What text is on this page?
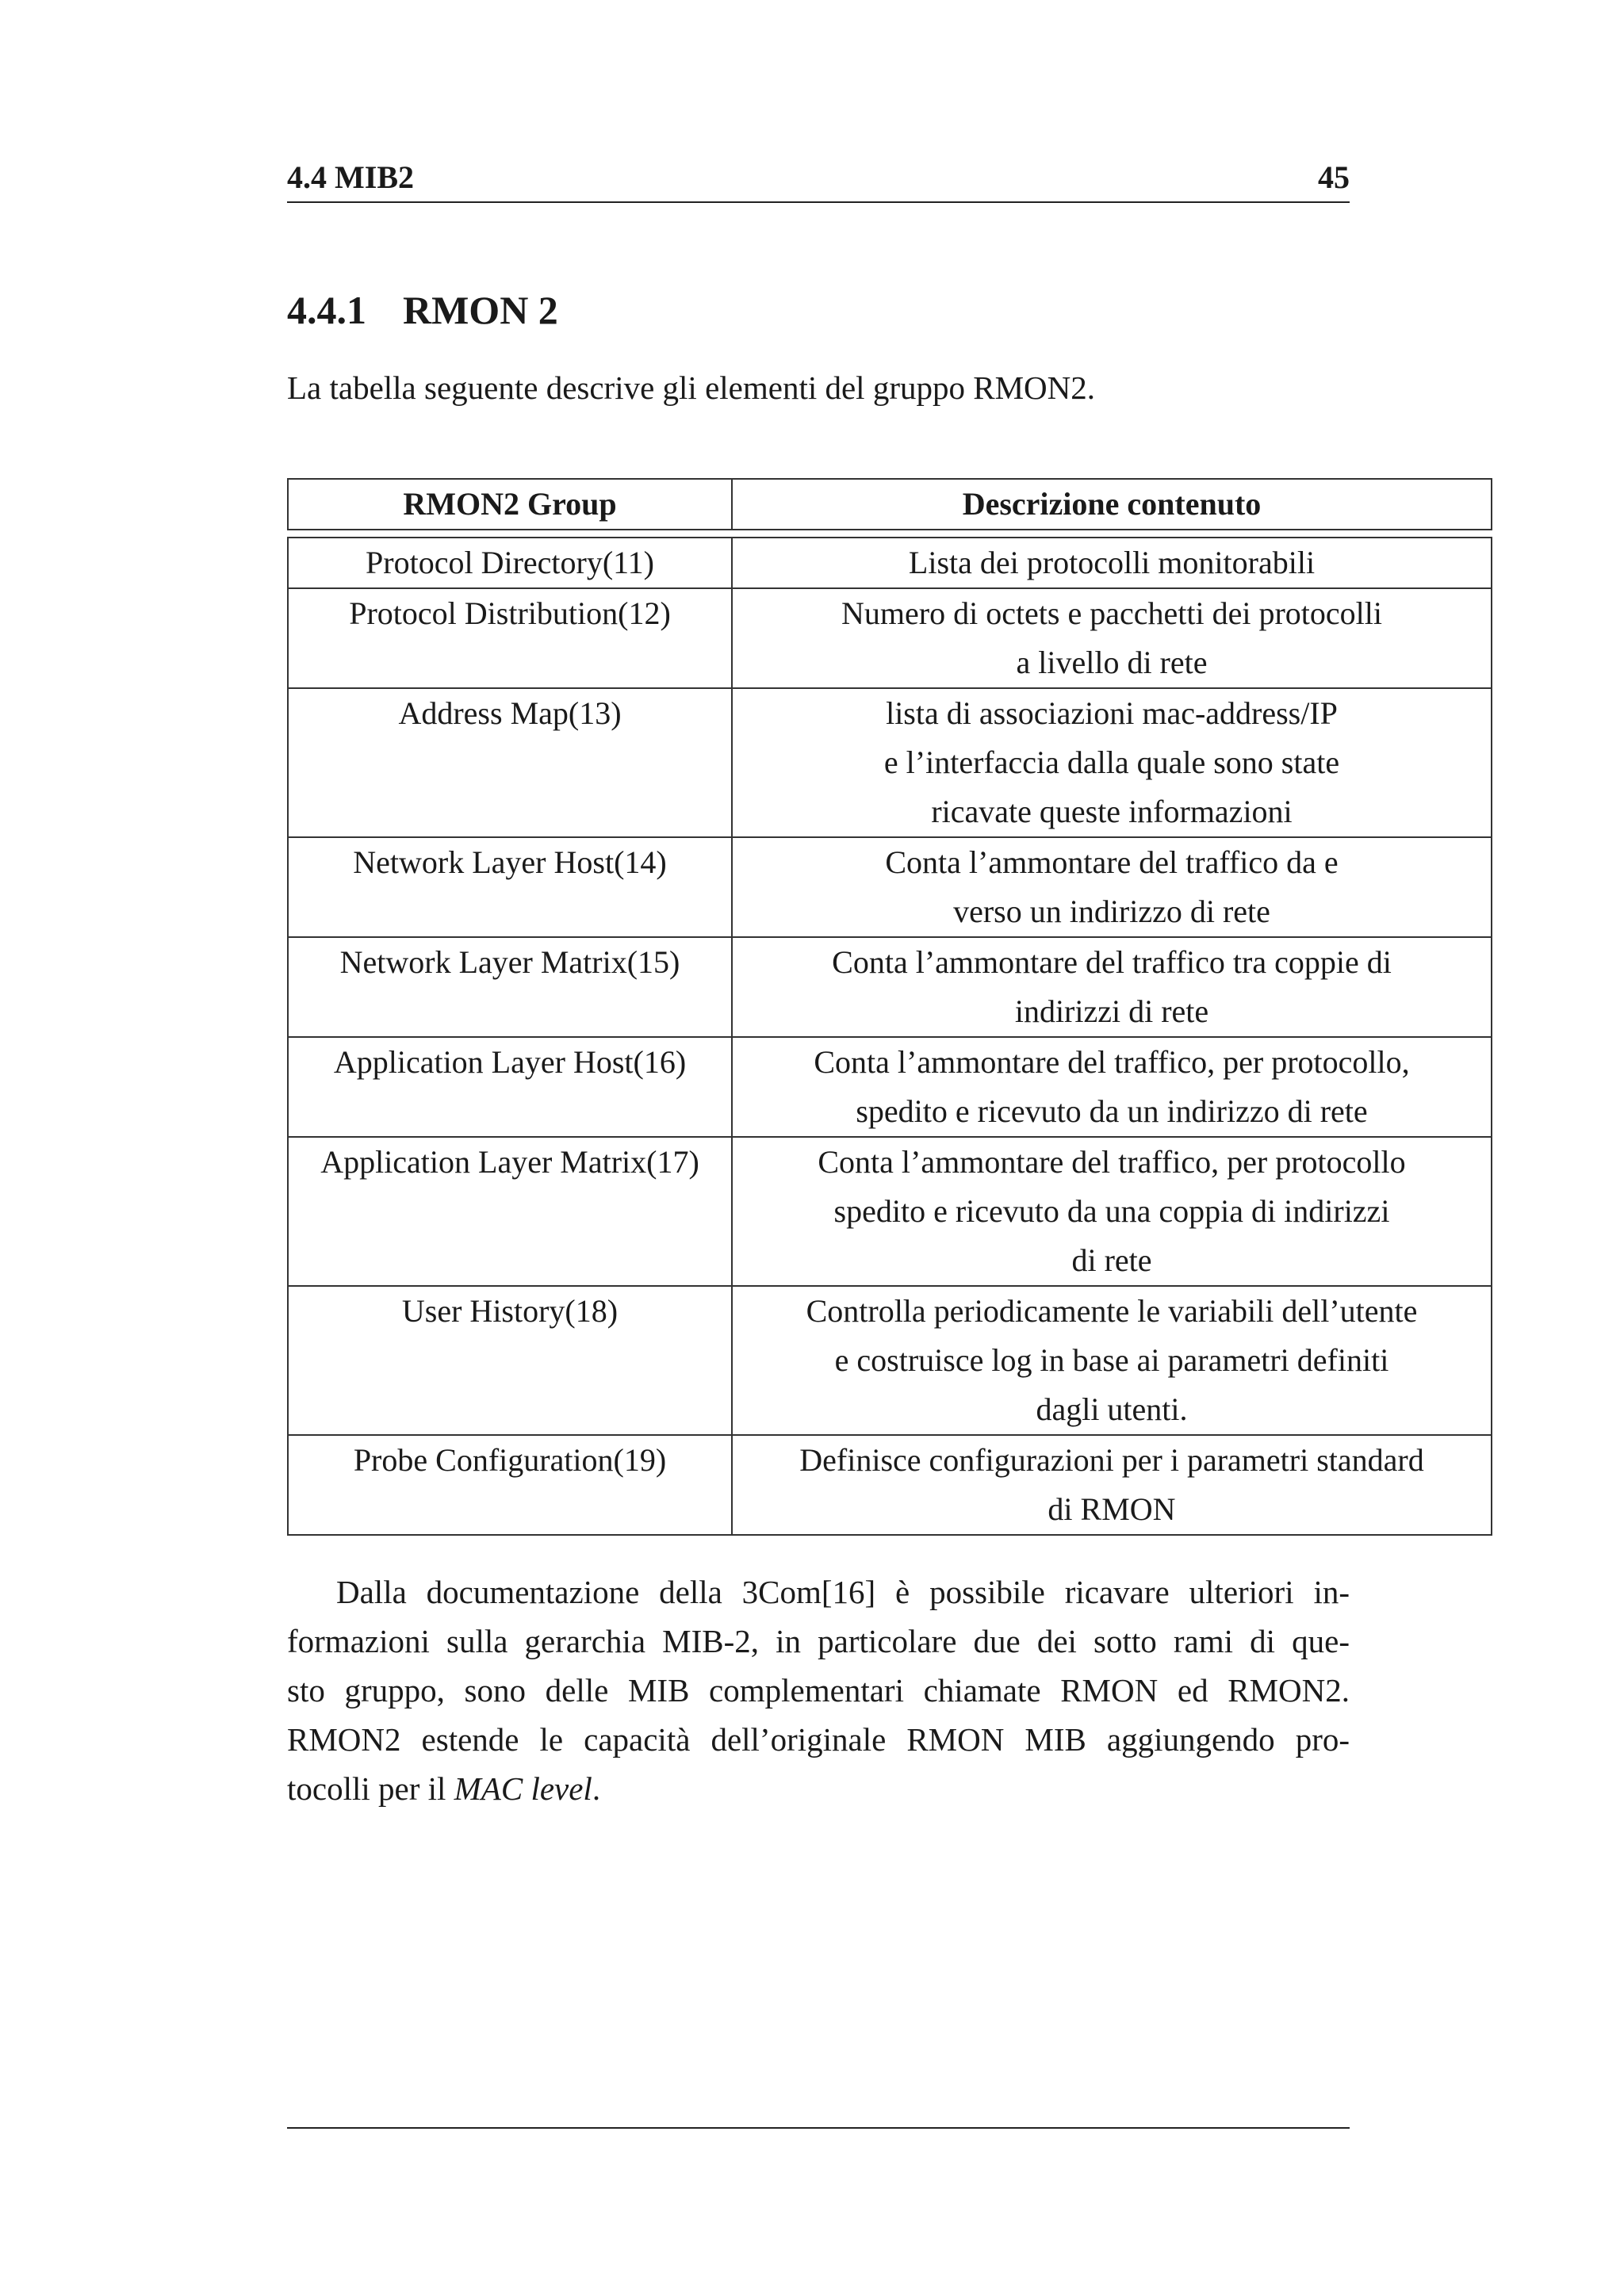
4.4 MIB2	45
4.4.1 RMON 2
La tabella seguente descrive gli elementi del gruppo RMON2.
RMON2 Group	Descrizione contenuto

Protocol Directory(11)	Lista dei protocolli monitorabili

Protocol Distribution(12)	Numero di octets e pacchetti dei protocolli
a livello di rete

Address Map(13)	lista di associazioni mac-address/IP
e l’interfaccia dalla quale sono state
ricavate queste informazioni

Network Layer Host(14)	Conta l’ammontare del traffico da e
verso un indirizzo di rete

Network Layer Matrix(15)	Conta l’ammontare del traffico tra coppie di
indirizzi di rete

Application Layer Host(16)	Conta l’ammontare del traffico, per protocollo,
spedito e ricevuto da un indirizzo di rete

Application Layer Matrix(17)	Conta l’ammontare del traffico, per protocollo
spedito e ricevuto da una coppia di indirizzi
di rete

User History(18)	Controlla periodicamente le variabili dell’utente
e costruisce log in base ai parametri definiti
dagli utenti.

Probe Configuration(19)	Definisce configurazioni per i parametri standard
di RMON
Dalla documentazione della 3Com[16] è possibile ricavare ulteriori in-
formazioni sulla gerarchia MIB-2, in particolare due dei sotto rami di que-
sto gruppo, sono delle MIB complementari chiamate RMON ed RMON2.
RMON2 estende le capacità dell’originale RMON MIB aggiungendo pro-
tocolli per il MAC level.
